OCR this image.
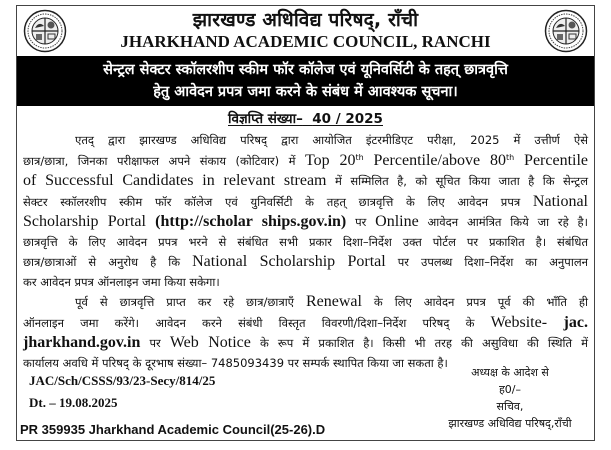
झारखण्ड अधिविद्य परिषद्, राँची
JHARKHAND ACADEMIC COUNCIL, RANCHI
सेन्ट्रल सेक्टर स्कॉलरशीप स्कीम फॉर कॉलेज एवं यूनिवर्सिटी के तहत् छात्रवृत्ति
हेतु आवेदन प्रपत्र जमा करने के संबंध में आवश्यक सूचना।
विज्ञप्ति संख्या– 40 / 2025
एतद् द्वारा झारखण्ड अधिविद्य परिषद् द्वारा आयोजित इंटरमीडिएट परीक्षा, 2025 में उत्तीर्ण ऐसे
छात्र/छात्रा, जिनका परीक्षाफल अपने संकाय (कोटिवार) में Top 20th Percentile/above 80th Percentile
of Successful Candidates in relevant stream में सम्मिलित है, को सूचित किया जाता है कि सेन्ट्रल
सेक्टर स्कॉलरशीप स्कीम फॉर कॉलेज एवं युनिवर्सिटी के तहत् छात्रवृत्ति के लिए आवेदन प्रपत्र National
Scholarship Portal (http://scholar ships.gov.in) पर Online आवेदन आमंत्रित किये जा रहे है।
छात्रवृत्ति के लिए आवेदन प्रपत्र भरने से संबंधित सभी प्रकार दिशा–निर्देश उक्त पोर्टल पर प्रकाशित है। संबंधित
छात्र/छात्राओं से अनुरोध है कि National Scholarship Portal पर उपलब्ध दिशा–निर्देश का अनुपालन
कर आवेदन प्रपत्र ऑनलाइन जमा किया सकेगा।
पूर्व से छात्रवृत्ति प्राप्त कर रहे छात्र/छात्राएँ Renewal के लिए आवेदन प्रपत्र पूर्व की भाँति ही
ऑनलाइन जमा करेंगे। आवेदन करने संबंधी विस्तृत विवरणी/दिशा–निर्देश परिषद् के Website- jac.
jharkhand.gov.in पर Web Notice के रूप में प्रकाशित है। किसी भी तरह की असुविधा की स्थिति में
कार्यालय अवधि में परिषद् के दूरभाष संख्या– 7485093439 पर सम्पर्क स्थापित किया जा सकता है।
JAC/Sch/CSSS/93/23-Secy/814/25
Dt. – 19.08.2025
अध्यक्ष के आदेश से
ह0/–
सचिव,
झारखण्ड अधिविद्य परिषद्,राँची
PR 359935 Jharkhand Academic Council(25-26).D
